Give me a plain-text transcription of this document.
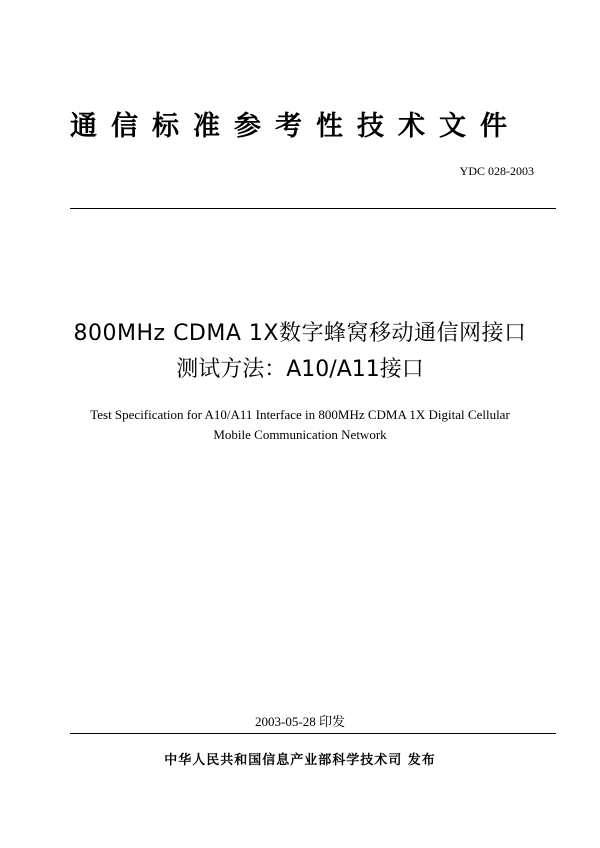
通信标准参考性技术文件
YDC 028-2003
800MHz CDMA 1X数字蜂窝移动通信网接口
测试方法：A10/A11接口
Test Specification for A10/A11 Interface in 800MHz CDMA 1X Digital Cellular
Mobile Communication Network
2003-05-28 印发
中华人民共和国信息产业部科学技术司 发布
